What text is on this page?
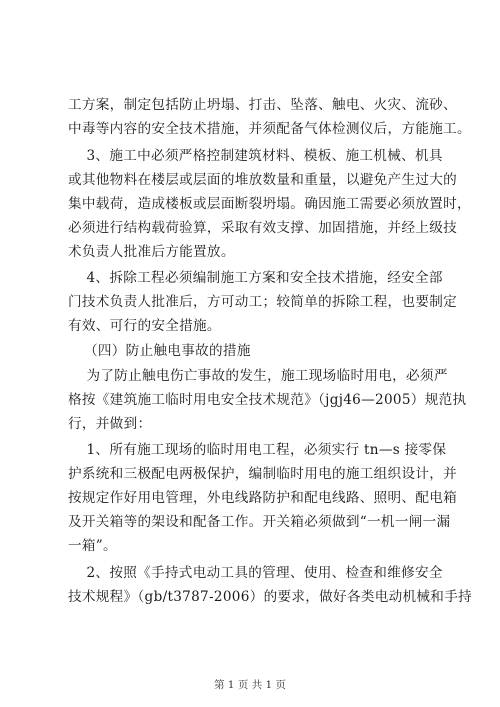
工方案，制定包括防止坍塌、打击、坠落、触电、火灾、流砂、
中毒等内容的安全技术措施，并须配备气体检测仪后，方能施工。
3、施工中必须严格控制建筑材料、模板、施工机械、机具
或其他物料在楼层或层面的堆放数量和重量，以避免产生过大的
集中载荷，造成楼板或层面断裂坍塌。确因施工需要必须放置时，
必须进行结构载荷验算，采取有效支撑、加固措施，并经上级技
术负责人批准后方能置放。
4、拆除工程必须编制施工方案和安全技术措施，经安全部
门技术负责人批准后，方可动工；较简单的拆除工程，也要制定
有效、可行的安全措施。
（四）防止触电事故的措施
为了防止触电伤亡事故的发生，施工现场临时用电，必须严
格按《建筑施工临时用电安全技术规范》（jgj46—2005）规范执
行，并做到：
1、所有施工现场的临时用电工程，必须实行 tn—s 接零保
护系统和三极配电两极保护，编制临时用电的施工组织设计，并
按规定作好用电管理，外电线路防护和配电线路、照明、配电箱
及开关箱等的架设和配备工作。开关箱必须做到“一机一闸一漏
一箱”。
2、按照《手持式电动工具的管理、使用、检查和维修安全
技术规程》（gb/t3787-2006）的要求，做好各类电动机械和手持
第 1 页 共 1 页
